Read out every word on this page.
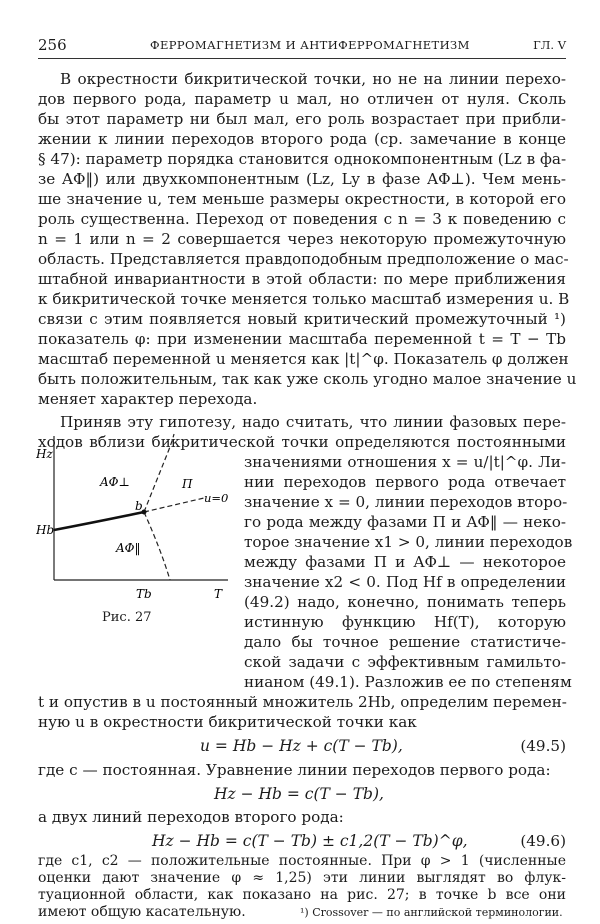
256	ФЕРРОМАГНЕТИЗМ И АНТИФЕРРОМАГНЕТИЗМ	ГЛ. V
В окрестности бикритической точки, но не на линии перехо-
дов первого рода, параметр u мал, но отличен от нуля. Сколь
бы этот параметр ни был мал, его роль возрастает при прибли-
жении к линии переходов второго рода (ср. замечание в конце
§ 47): параметр порядка становится однокомпонентным (Lz в фа-
зе AΦ‖) или двухкомпонентным (Lz, Ly в фазе AΦ⊥). Чем мень-
ше значение u, тем меньше размеры окрестности, в которой его
роль существенна. Переход от поведения с n = 3 к поведению с
n = 1 или n = 2 совершается через некоторую промежуточную
область. Представляется правдоподобным предположение о мас-
штабной инвариантности в этой области: по мере приближения
к бикритической точке меняется только масштаб измерения u. В
связи с этим появляется новый критический промежуточный ¹)
показатель φ: при изменении масштаба переменной t = T − Tb
масштаб переменной u меняется как |t|^φ. Показатель φ должен
быть положительным, так как уже сколь угодно малое значение u
меняет характер перехода.
Приняв эту гипотезу, надо считать, что линии фазовых пере-
ходов вблизи бикритической точки определяются постоянными
значениями отношения x = u/|t|^φ. Ли-
нии переходов первого рода отвечает
значение x = 0, линии переходов второ-
го рода между фазами П и AΦ‖ — неко-
торое значение x1 > 0, линии переходов
между фазами П и AΦ⊥ — некоторое
значение x2 < 0. Под Hf в определении
(49.2) надо, конечно, понимать теперь
истинную функцию Hf(T), которую
дало бы точное решение статистиче-
ской задачи с эффективным гамильто-
нианом (49.1). Разложив ее по степеням
t и опустив в u постоянный множитель 2Hb, определим перемен-
ную u в окрестности бикритической точки как
Hz
Hb
T
Tb
AΦ⊥
AΦ‖
П
b
u=0
Рис. 27
u = Hb − Hz + c(T − Tb),	(49.5)
где c — постоянная. Уравнение линии переходов первого рода:
Hz − Hb = c(T − Tb),
а двух линий переходов второго рода:
Hz − Hb = c(T − Tb) ± c1,2(T − Tb)^φ,	(49.6)
¹) Crossover — по английской терминологии.
где c1, c2 — положительные постоянные. При φ > 1 (численные
оценки дают значение φ ≈ 1,25) эти линии выглядят во флук-
туационной области, как показано на рис. 27; в точке b все они
имеют общую касательную.
